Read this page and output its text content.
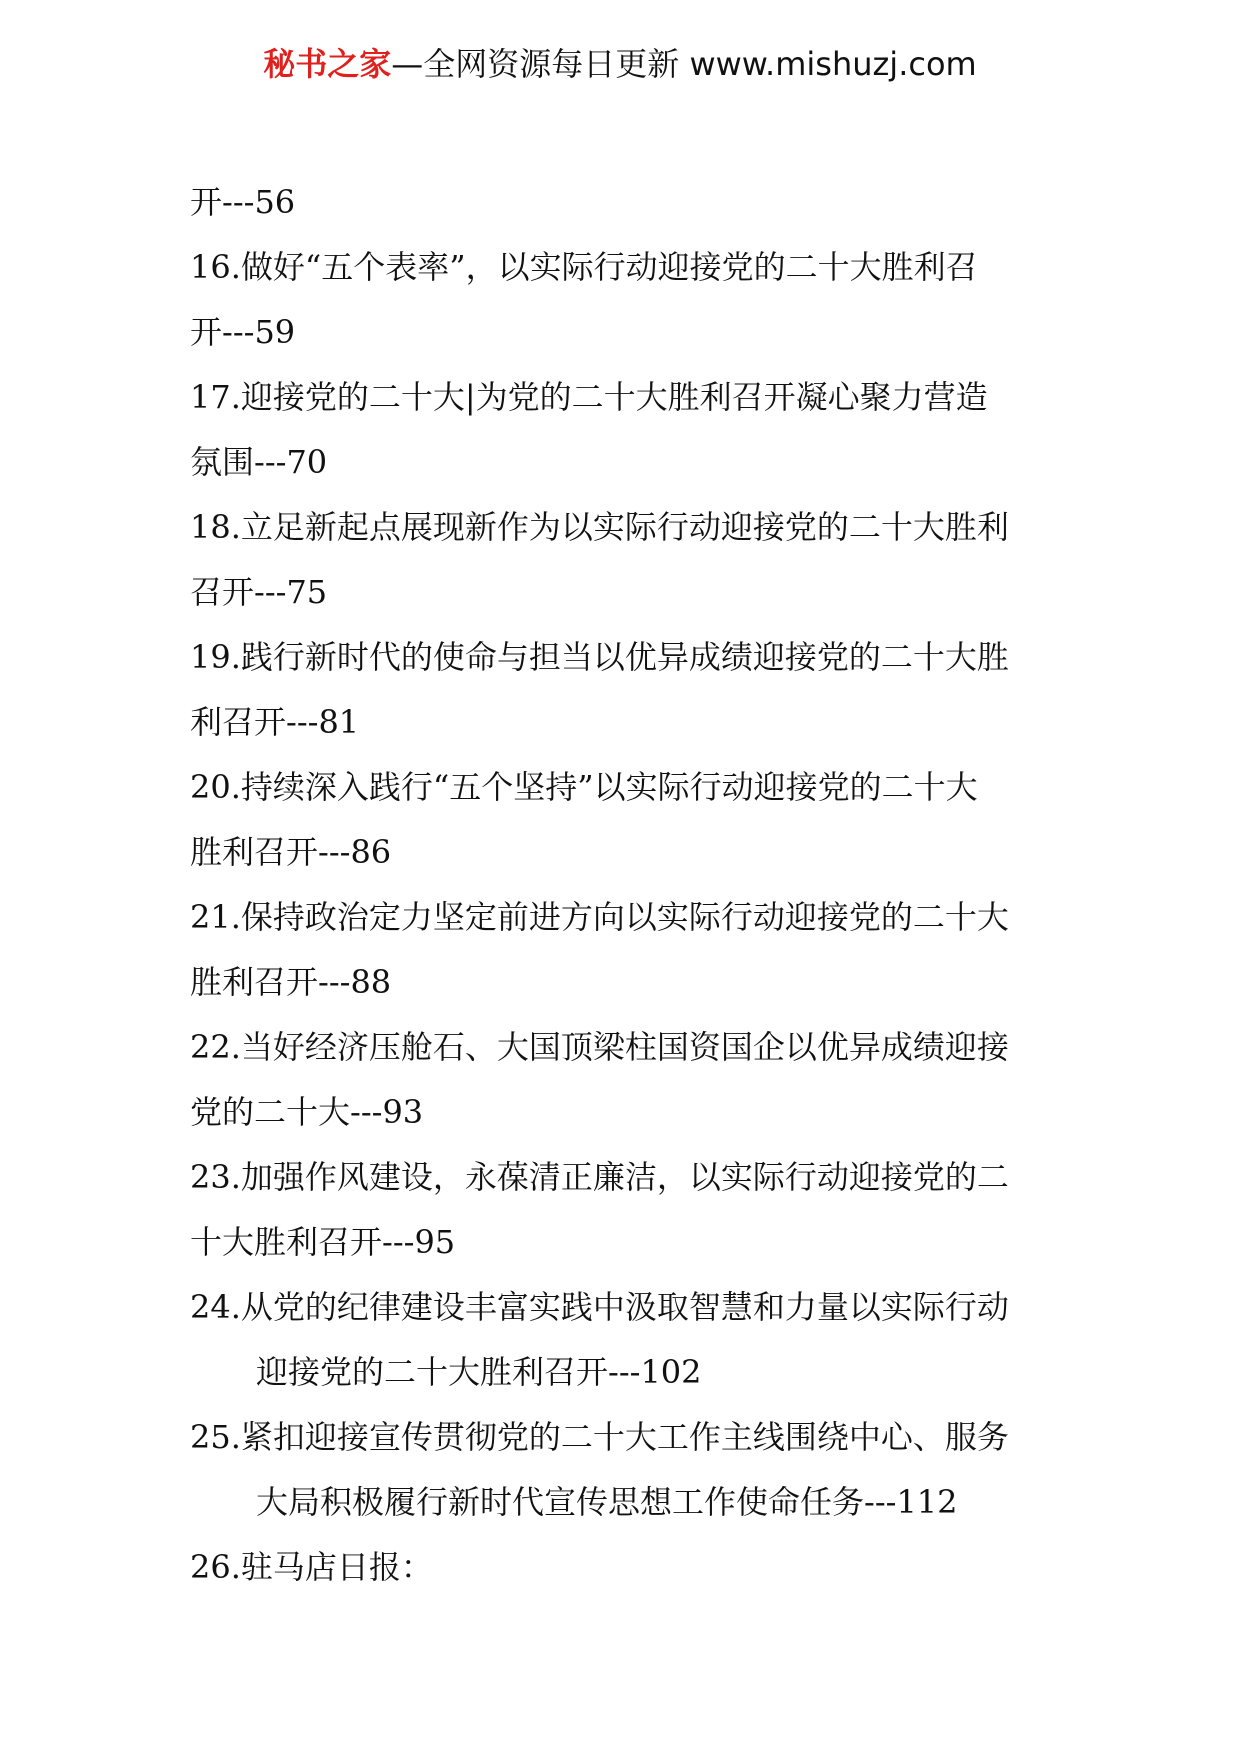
秘书之家—全网资源每日更新 www.mishuzj.com
开---56
16.做好“五个表率”，以实际行动迎接党的二十大胜利召
开---59
17.迎接党的二十大|为党的二十大胜利召开凝心聚力营造
氛围---70
18.立足新起点展现新作为以实际行动迎接党的二十大胜利
召开---75
19.践行新时代的使命与担当以优异成绩迎接党的二十大胜
利召开---81
20.持续深入践行“五个坚持”以实际行动迎接党的二十大
胜利召开---86
21.保持政治定力坚定前进方向以实际行动迎接党的二十大
胜利召开---88
22.当好经济压舱石、大国顶梁柱国资国企以优异成绩迎接
党的二十大---93
23.加强作风建设，永葆清正廉洁，以实际行动迎接党的二
十大胜利召开---95
24.从党的纪律建设丰富实践中汲取智慧和力量以实际行动
迎接党的二十大胜利召开---102
25.紧扣迎接宣传贯彻党的二十大工作主线围绕中心、服务
大局积极履行新时代宣传思想工作使命任务---112
26.驻马店日报：
